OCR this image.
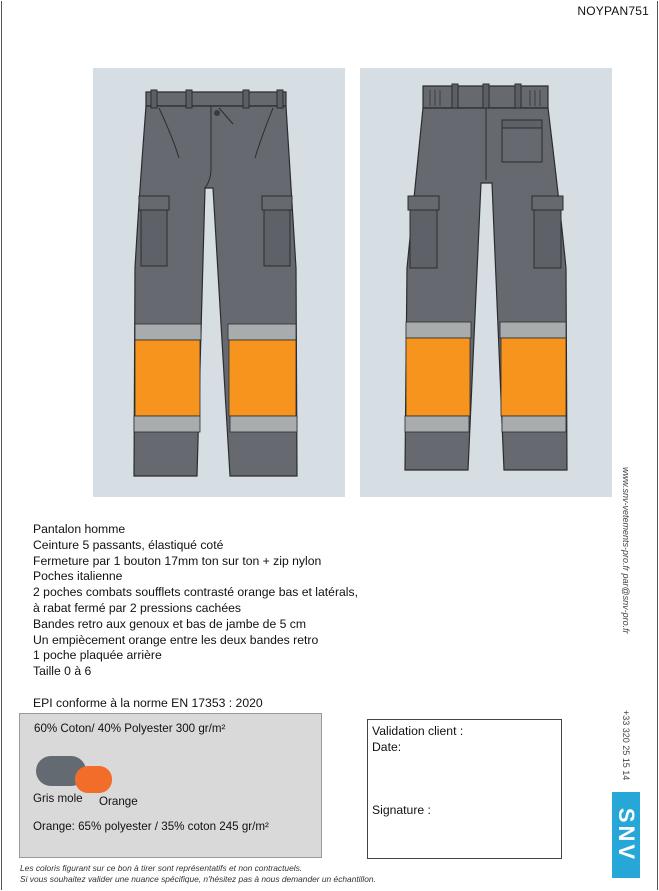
NOYPAN751
Pantalon homme
Ceinture 5 passants, élastiqué coté
Fermeture par 1 bouton 17mm ton sur ton + zip nylon
Poches italienne
2 poches combats soufflets contrasté orange bas et latérals,
à rabat fermé par 2 pressions cachées
Bandes retro aux genoux et bas de jambe de 5 cm
Un empiècement orange entre les deux bandes retro
1 poche plaquée arrière
Taille 0 à 6
EPI conforme à la norme EN 17353 : 2020
60% Coton/ 40% Polyester 300 gr/m²
Gris mole Orange
Orange: 65% polyester / 35% coton 245 gr/m²
Validation client :
Date:
Signature :
Les coloris figurant sur ce bon à tirer sont représentatifs et non contractuels.
Si vous souhaitez valider une nuance spécifique, n'hésitez pas à nous demander un échantillon.
www.snv-vetements-pro.fr par@snv-pro.fr
+33 320 25 15 14
SNV
